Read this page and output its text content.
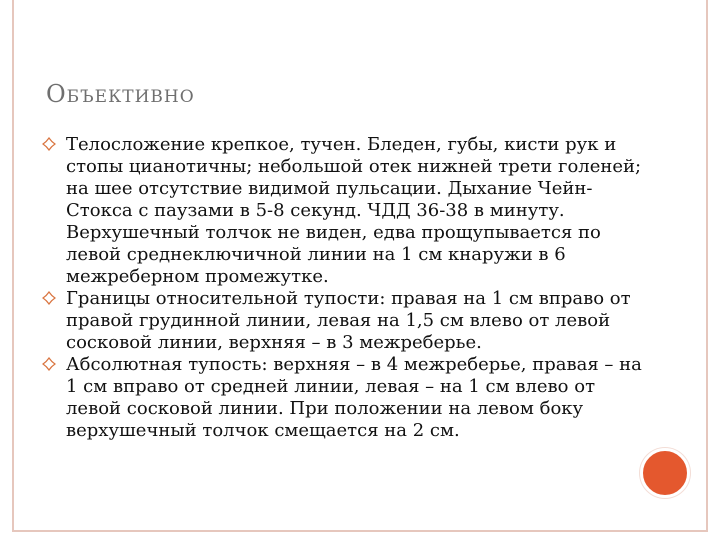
Объективно
Телосложение крепкое, тучен. Бледен, губы, кисти рук и стопы цианотичны; небольшой отек нижней трети голеней; на шее отсутствие видимой пульсации. Дыхание Чейн-Стокса с паузами в 5-8 секунд. ЧДД 36-38 в минуту. Верхушечный толчок не виден, едва прощупывается по левой среднеключичной линии на 1 см кнаружи в 6 межреберном промежутке.
Границы относительной тупости: правая на 1 см вправо от правой грудинной линии, левая на 1,5 см влево от левой сосковой линии, верхняя – в 3 межреберье.
Абсолютная тупость: верхняя – в 4 межреберье, правая – на 1 см вправо от средней линии, левая – на 1 см влево от левой сосковой линии. При положении на левом боку верхушечный толчок смещается на 2 см.
